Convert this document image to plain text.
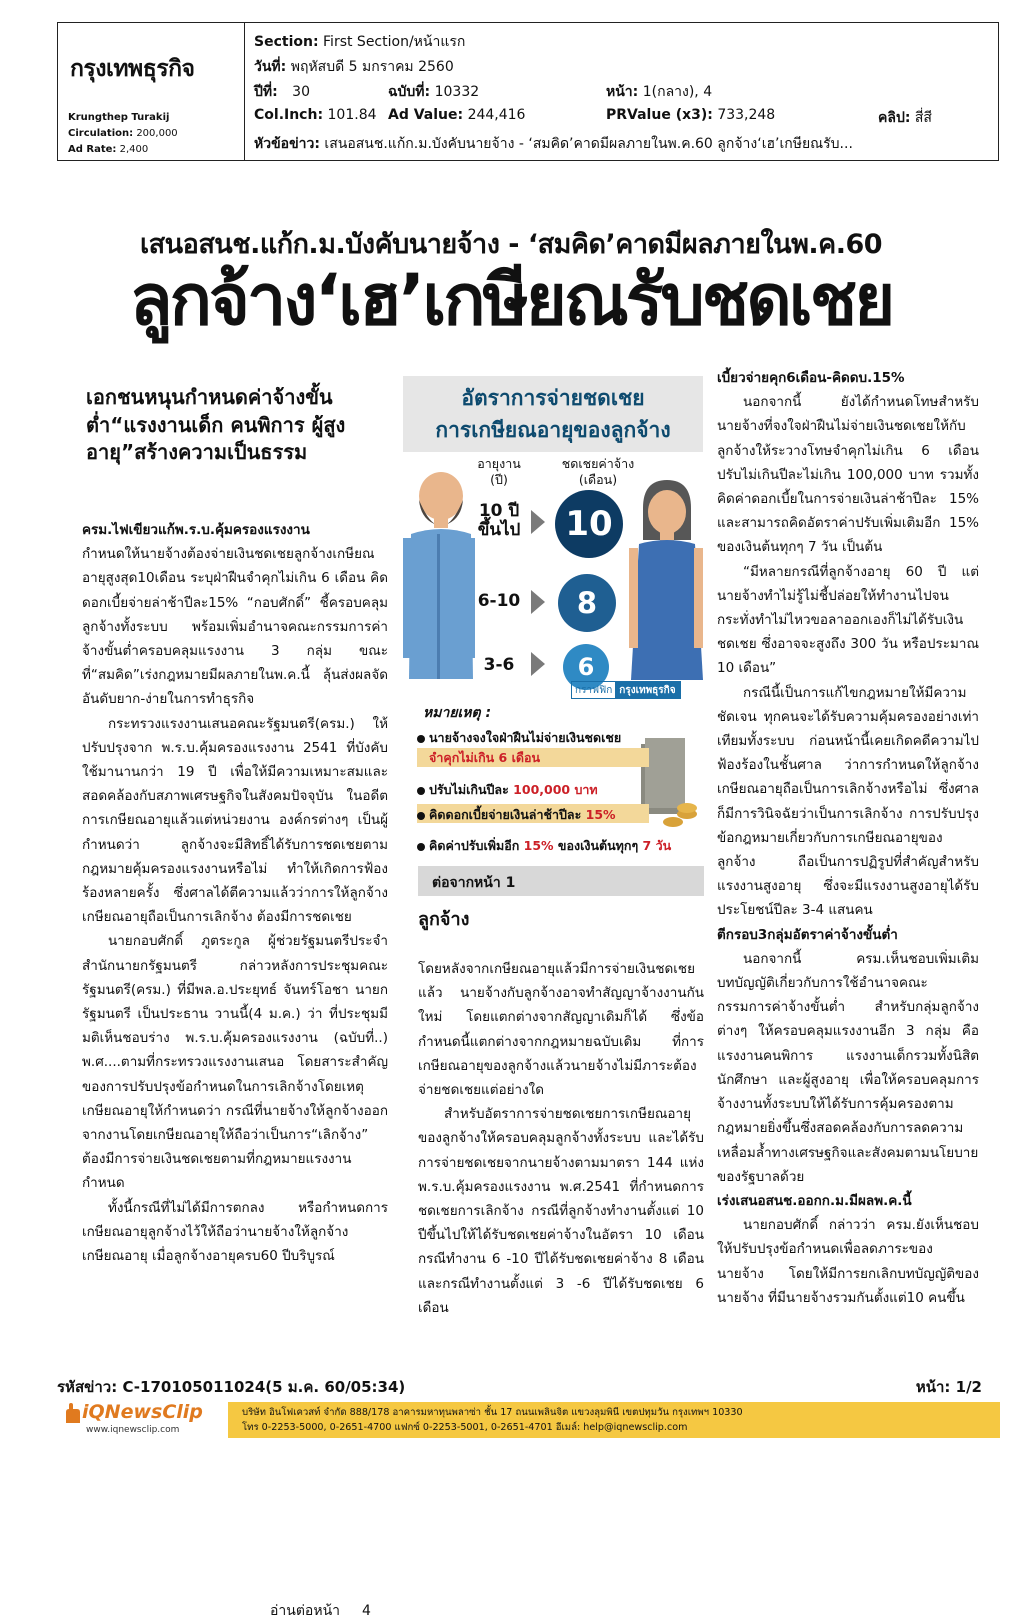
กรุงเทพธุรกิจ
Krungthep Turakij
Circulation: 200,000
Ad Rate: 2,400
Section: First Section/หน้าแรก
วันที่: พฤหัสบดี 5 มกราคม 2560
ปีที่: 30	ฉบับที่: 10332	หน้า: 1(กลาง), 4
Col.Inch: 101.84 Ad Value: 244,416	PRValue (x3): 733,248	คลิป: สี่สี
หัวข้อข่าว: เสนอสนช.แก้ก.ม.บังคับนายจ้าง - ‘สมคิด’คาดมีผลภายในพ.ค.60 ลูกจ้าง‘เฮ’เกษียณรับ...
เสนอสนช.แก้ก.ม.บังคับนายจ้าง - ‘สมคิด’คาดมีผลภายในพ.ค.60
ลูกจ้าง‘เฮ’เกษียณรับชดเชย
เอกชนหนุนกำหนดค่าจ้างขั้นต่ำ“แรงงานเด็ก คนพิการ ผู้สูงอายุ”สร้างความเป็นธรรม

ครม.ไฟเขียวแก้พ.ร.บ.คุ้มครองแรงงาน

กำหนดให้นายจ้างต้องจ่ายเงินชดเชยลูกจ้างเกษียณอายุสูงสุด10เดือน ระบุฝ่าฝืนจำคุกไม่เกิน 6 เดือน คิดดอกเบี้ยจ่ายล่าช้าปีละ15% “กอบศักดิ์” ชี้ครอบคลุมลูกจ้างทั้งระบบ พร้อมเพิ่มอำนาจคณะกรรมการค่าจ้างขั้นต่ำครอบคลุมแรงงาน 3 กลุ่ม ขณะที่“สมคิด”เร่งกฎหมายมีผลภายในพ.ค.นี้ ลุ้นส่งผลจัดอันดับยาก-ง่ายในการทำธุรกิจ

กระทรวงแรงงานเสนอคณะรัฐมนตรี(ครม.) ให้ปรับปรุงจาก พ.ร.บ.คุ้มครองแรงงาน 2541 ที่บังคับใช้มานานกว่า 19 ปี เพื่อให้มีความเหมาะสมและสอดคล้องกับสภาพเศรษฐกิจในสังคมปัจจุบัน ในอดีตการเกษียณอายุแล้วแต่หน่วยงาน องค์กรต่างๆ เป็นผู้กำหนดว่า ลูกจ้างจะมีสิทธิ์ได้รับการชดเชยตามกฎหมายคุ้มครองแรงงานหรือไม่ ทำให้เกิดการฟ้องร้องหลายครั้ง ซึ่งศาลได้ตีความแล้วว่าการให้ลูกจ้างเกษียณอายุถือเป็นการเลิกจ้าง ต้องมีการชดเชย

นายกอบศักดิ์ ภูตระกูล ผู้ช่วยรัฐมนตรีประจำสำนักนายกรัฐมนตรี กล่าวหลังการประชุมคณะรัฐมนตรี(ครม.) ที่มีพล.อ.ประยุทธ์ จันทร์โอชา นายกรัฐมนตรี เป็นประธาน วานนี้(4 ม.ค.) ว่า ที่ประชุมมีมติเห็นชอบร่าง พ.ร.บ.คุ้มครองแรงงาน (ฉบับที่..) พ.ศ....ตามที่กระทรวงแรงงานเสนอ โดยสาระสำคัญของการปรับปรุงข้อกำหนดในการเลิกจ้างโดยเหตุเกษียณอายุให้กำหนดว่า กรณีที่นายจ้างให้ลูกจ้างออกจากงานโดยเกษียณอายุให้ถือว่าเป็นการ“เลิกจ้าง” ต้องมีการจ่ายเงินชดเชยตามที่กฎหมายแรงงานกำหนด

ทั้งนี้กรณีที่ไม่ได้มีการตกลง หรือกำหนดการเกษียณอายุลูกจ้างไว้ให้ถือว่านายจ้างให้ลูกจ้างเกษียณอายุ เมื่อลูกจ้างอายุครบ60 ปีบริบูรณ์

อ่านต่อหน้า 4
อัตราการจ่ายชดเชย
การเกษียณอายุของลูกจ้าง
อายุงาน (ปี)
ชดเชยค่าจ้าง (เดือน)
10 ปี ขึ้นไป	10
6-10	8
3-6	6
กราฟฟิก กรุงเทพธุรกิจ
หมายเหตุ :
นายจ้างจงใจฝ่าฝืนไม่จ่ายเงินชดเชย
จำคุกไม่เกิน 6 เดือน
ปรับไม่เกินปีละ 100,000 บาท
คิดดอกเบี้ยจ่ายเงินล่าช้าปีละ 15%
คิดค่าปรับเพิ่มอีก 15% ของเงินต้นทุกๆ 7 วัน
ต่อจากหน้า 1
ลูกจ้าง

โดยหลังจากเกษียณอายุแล้วมีการจ่ายเงินชดเชยแล้ว นายจ้างกับลูกจ้างอาจทำสัญญาจ้างงานกันใหม่ โดยแตกต่างจากสัญญาเดิมก็ได้ ซึ่งข้อกำหนดนี้แตกต่างจากกฎหมายฉบับเดิม ที่การเกษียณอายุของลูกจ้างแล้วนายจ้างไม่มีภาระต้องจ่ายชดเชยแต่อย่างใด

สำหรับอัตราการจ่ายชดเชยการเกษียณอายุของลูกจ้างให้ครอบคลุมลูกจ้างทั้งระบบ และได้รับการจ่ายชดเชยจากนายจ้างตามมาตรา 144 แห่ง พ.ร.บ.คุ้มครองแรงงาน พ.ศ.2541 ที่กำหนดการชดเชยการเลิกจ้าง กรณีที่ลูกจ้างทำงานตั้งแต่ 10 ปีขึ้นไปให้ได้รับชดเชยค่าจ้างในอัตรา 10 เดือน กรณีทำงาน 6 -10 ปีได้รับชดเชยค่าจ้าง 8 เดือน และกรณีทำงานตั้งแต่ 3 -6 ปีได้รับชดเชย 6 เดือน

เบี้ยวจ่ายคุก6เดือน-คิดดบ.15%

นอกจากนี้ ยังได้กำหนดโทษสำหรับนายจ้างที่จงใจฝ่าฝืนไม่จ่ายเงินชดเชยให้กับลูกจ้างให้ระวางโทษจำคุกไม่เกิน 6 เดือน ปรับไม่เกินปีละไม่เกิน 100,000 บาท รวมทั้งคิดค่าดอกเบี้ยในการจ่ายเงินล่าช้าปีละ 15% และสามารถคิดอัตราค่าปรับเพิ่มเติมอีก 15% ของเงินต้นทุกๆ 7 วัน เป็นต้น

“มีหลายกรณีที่ลูกจ้างอายุ 60 ปี แต่นายจ้างทำไม่รู้ไม่ชี้ปล่อยให้ทำงานไปจนกระทั่งทำไม่ไหวขอลาออกเองก็ไม่ได้รับเงินชดเชย ซึ่งอาจจะสูงถึง 300 วัน หรือประมาณ 10 เดือน”

กรณีนี้เป็นการแก้ไขกฎหมายให้มีความชัดเจน ทุกคนจะได้รับความคุ้มครองอย่างเท่าเทียมทั้งระบบ ก่อนหน้านี้เคยเกิดคดีความไปฟ้องร้องในชั้นศาล ว่าการกำหนดให้ลูกจ้างเกษียณอายุถือเป็นการเลิกจ้างหรือไม่ ซึ่งศาลก็มีการวินิจฉัยว่าเป็นการเลิกจ้าง การปรับปรุงข้อกฎหมายเกี่ยวกับการเกษียณอายุของลูกจ้าง ถือเป็นการปฏิรูปที่สำคัญสำหรับแรงงานสูงอายุ ซึ่งจะมีแรงงานสูงอายุได้รับประโยชน์ปีละ 3-4 แสนคน

ตีกรอบ3กลุ่มอัตราค่าจ้างขั้นต่ำ

นอกจากนี้ ครม.เห็นชอบเพิ่มเติมบทบัญญัติเกี่ยวกับการใช้อำนาจคณะกรรมการค่าจ้างขั้นต่ำ สำหรับกลุ่มลูกจ้างต่างๆ ให้ครอบคลุมแรงงานอีก 3 กลุ่ม คือ แรงงานคนพิการ แรงงานเด็กรวมทั้งนิสิตนักศึกษา และผู้สูงอายุ เพื่อให้ครอบคลุมการจ้างงานทั้งระบบให้ได้รับการคุ้มครองตามกฎหมายยิ่งขึ้นซึ่งสอดคล้องกับการลดความเหลื่อมล้ำทางเศรษฐกิจและสังคมตามนโยบายของรัฐบาลด้วย

เร่งเสนอสนช.ออกก.ม.มีผลพ.ค.นี้

นายกอบศักดิ์ กล่าวว่า ครม.ยังเห็นชอบให้ปรับปรุงข้อกำหนดเพื่อลดภาระของนายจ้าง โดยให้มีการยกเลิกบทบัญญัติของนายจ้าง ที่มีนายจ้างรวมกันตั้งแต่10 คนขึ้น

รหัสข่าว: C-170105011024(5 ม.ค. 60/05:34)	หน้า: 1/2
iQNewsClip
www.iqnewsclip.com
บริษัท อินโฟเควสท์ จำกัด 888/178 อาคารมหาทุนพลาซ่า ชั้น 17 ถนนเพลินจิต แขวงลุมพินี เขตปทุมวัน กรุงเทพฯ 10330
โทร 0-2253-5000, 0-2651-4700 แฟกซ์ 0-2253-5001, 0-2651-4701 อีเมล์: help@iqnewsclip.com
